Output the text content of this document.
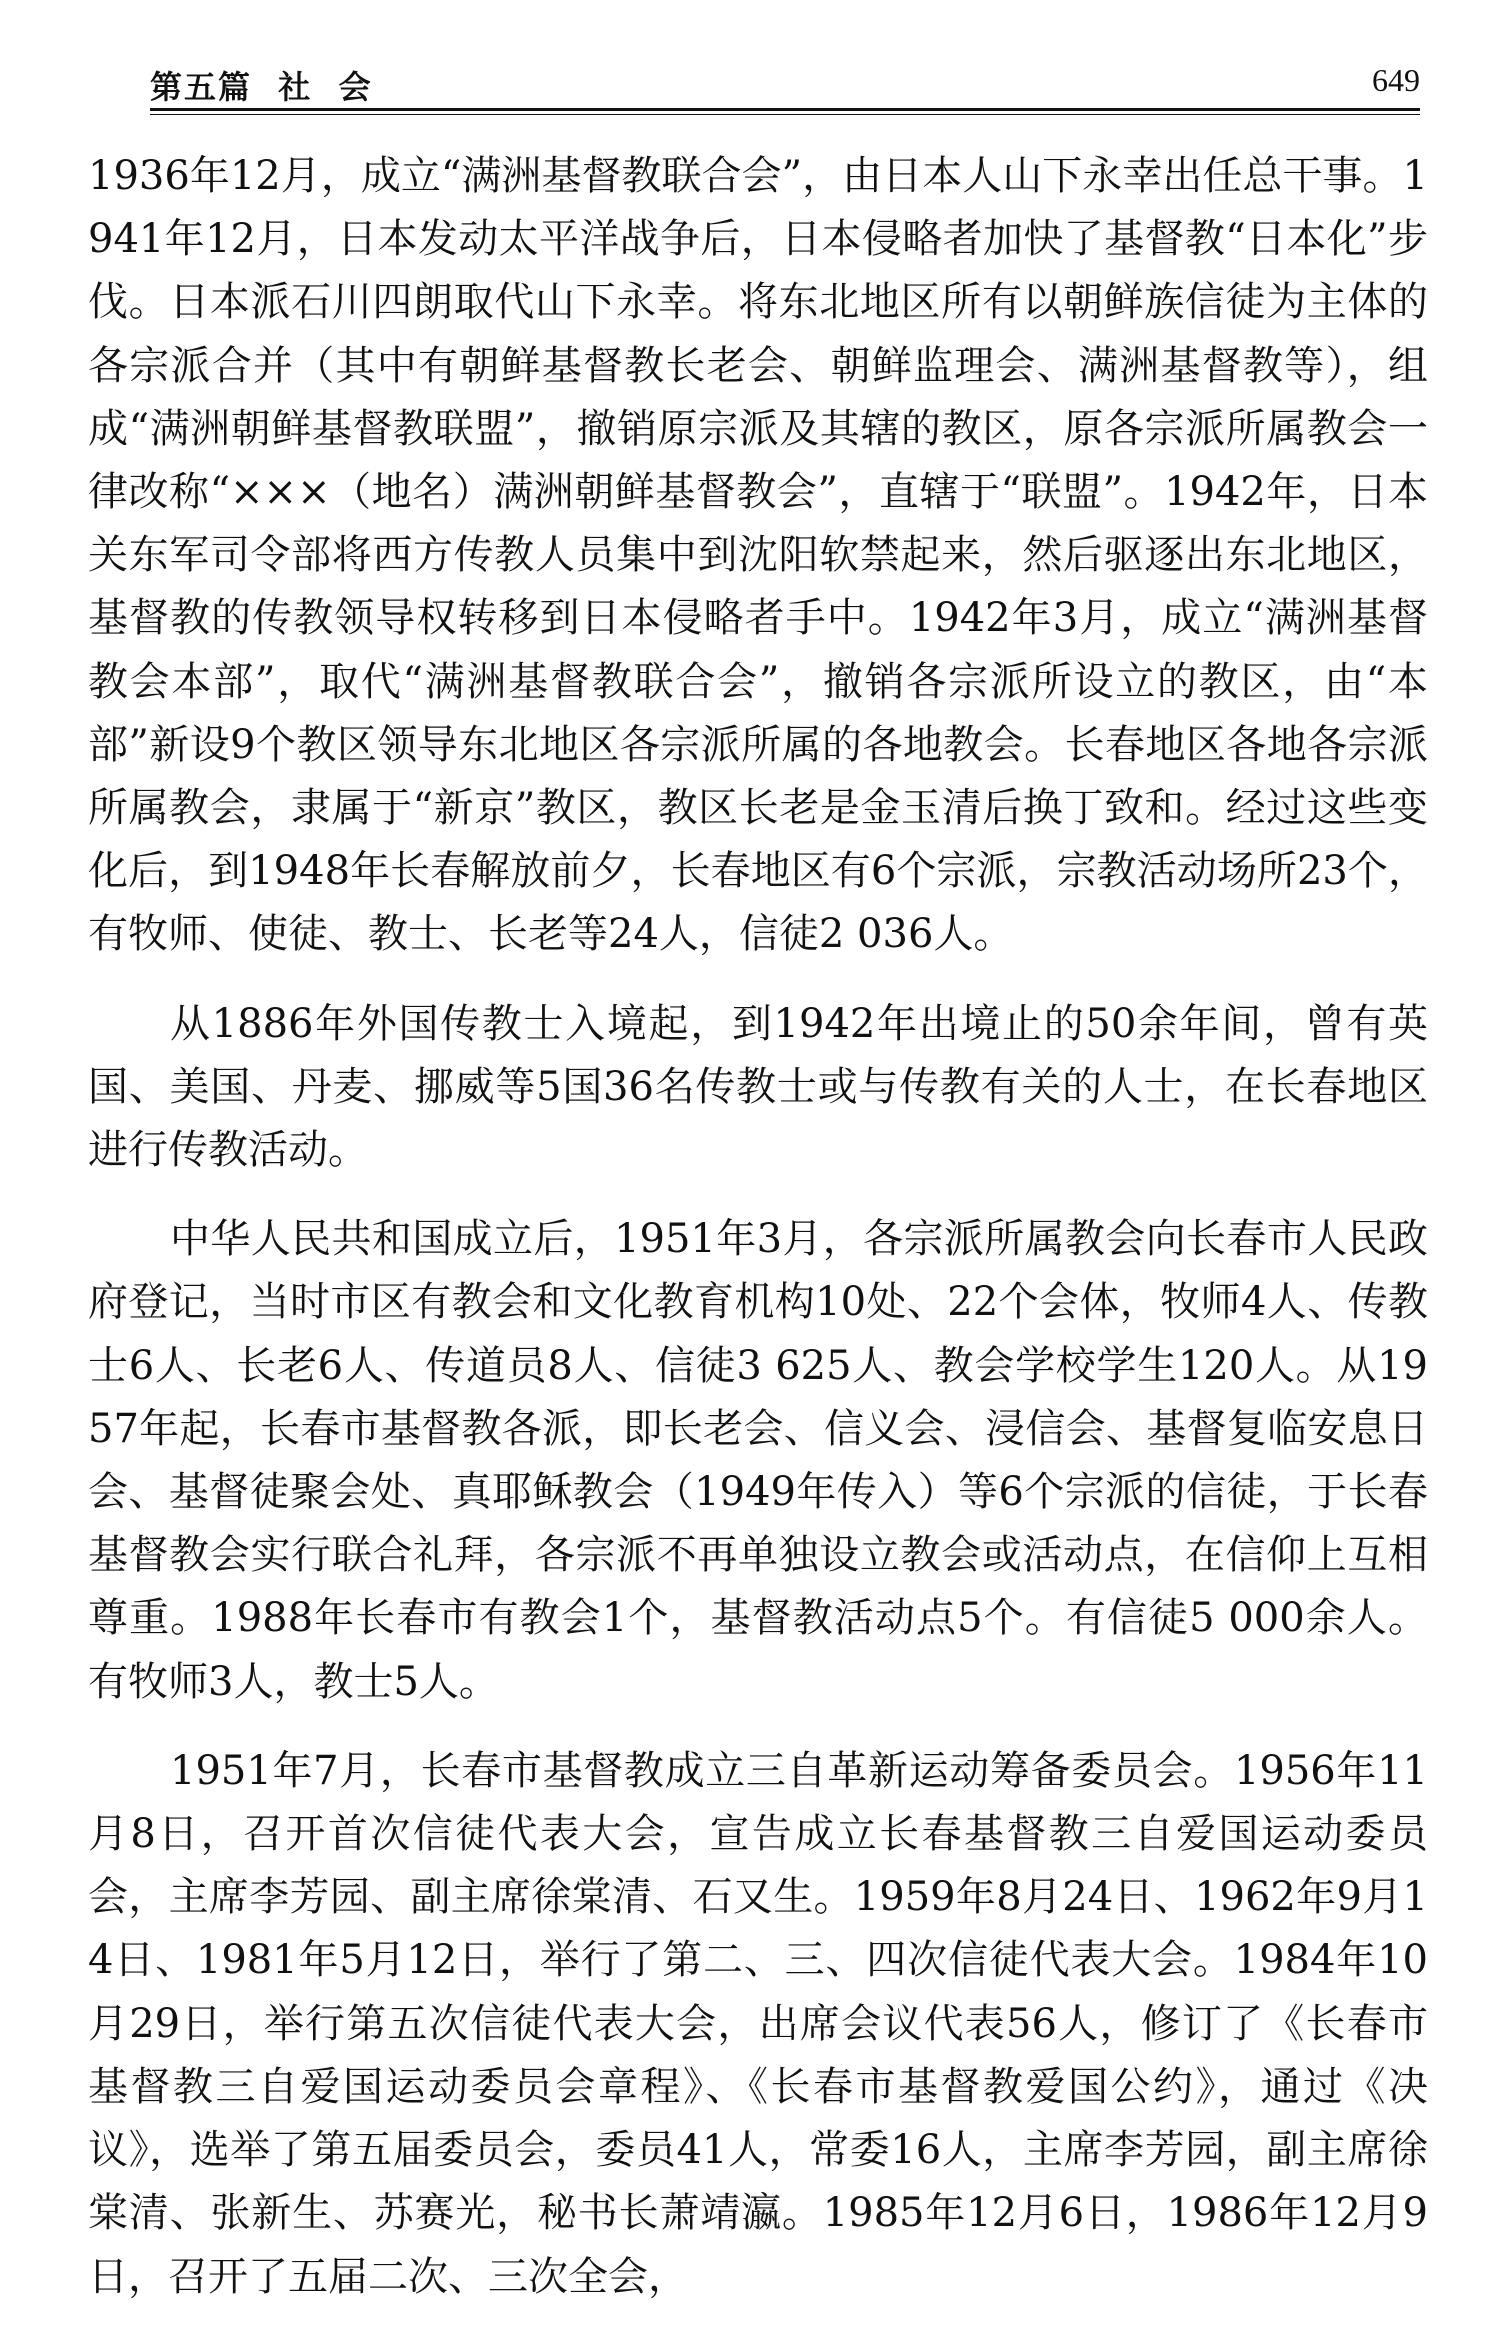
第五篇  社  会	649

1936年12月，成立“满洲基督教联合会”，由日本人山下永幸出任总干事。1941年12月，日本发动太平洋战争后，日本侵略者加快了基督教“日本化”步伐。日本派石川四朗取代山下永幸。将东北地区所有以朝鲜族信徒为主体的各宗派合并（其中有朝鲜基督教长老会、朝鲜监理会、满洲基督教等），组成“满洲朝鲜基督教联盟”，撤销原宗派及其辖的教区，原各宗派所属教会一律改称“×××（地名）满洲朝鲜基督教会”，直辖于“联盟”。1942年，日本关东军司令部将西方传教人员集中到沈阳软禁起来，然后驱逐出东北地区，基督教的传教领导权转移到日本侵略者手中。1942年3月，成立“满洲基督教会本部”，取代“满洲基督教联合会”，撤销各宗派所设立的教区，由“本部”新设9个教区领导东北地区各宗派所属的各地教会。长春地区各地各宗派所属教会，隶属于“新京”教区，教区长老是金玉清后换丁致和。经过这些变化后，到1948年长春解放前夕，长春地区有6个宗派，宗教活动场所23个，有牧师、使徒、教士、长老等24人，信徒2 036人。

从1886年外国传教士入境起，到1942年出境止的50余年间，曾有英国、美国、丹麦、挪威等5国36名传教士或与传教有关的人士，在长春地区进行传教活动。

中华人民共和国成立后，1951年3月，各宗派所属教会向长春市人民政府登记，当时市区有教会和文化教育机构10处、22个会体，牧师4人、传教士6人、长老6人、传道员8人、信徒3 625人、教会学校学生120人。从1957年起，长春市基督教各派，即长老会、信义会、浸信会、基督复临安息日会、基督徒聚会处、真耶稣教会（1949年传入）等6个宗派的信徒，于长春基督教会实行联合礼拜，各宗派不再单独设立教会或活动点，在信仰上互相尊重。1988年长春市有教会1个，基督教活动点5个。有信徒5 000余人。有牧师3人，教士5人。

1951年7月，长春市基督教成立三自革新运动筹备委员会。1956年11月8日，召开首次信徒代表大会，宣告成立长春基督教三自爱国运动委员会，主席李芳园、副主席徐棠清、石又生。1959年8月24日、1962年9月14日、1981年5月12日，举行了第二、三、四次信徒代表大会。1984年10月29日，举行第五次信徒代表大会，出席会议代表56人，修订了《长春市基督教三自爱国运动委员会章程》、《长春市基督教爱国公约》，通过《决议》，选举了第五届委员会，委员41人，常委16人，主席李芳园，副主席徐棠清、张新生、苏赛光，秘书长萧靖瀛。1985年12月6日，1986年12月9日，召开了五届二次、三次全会，
